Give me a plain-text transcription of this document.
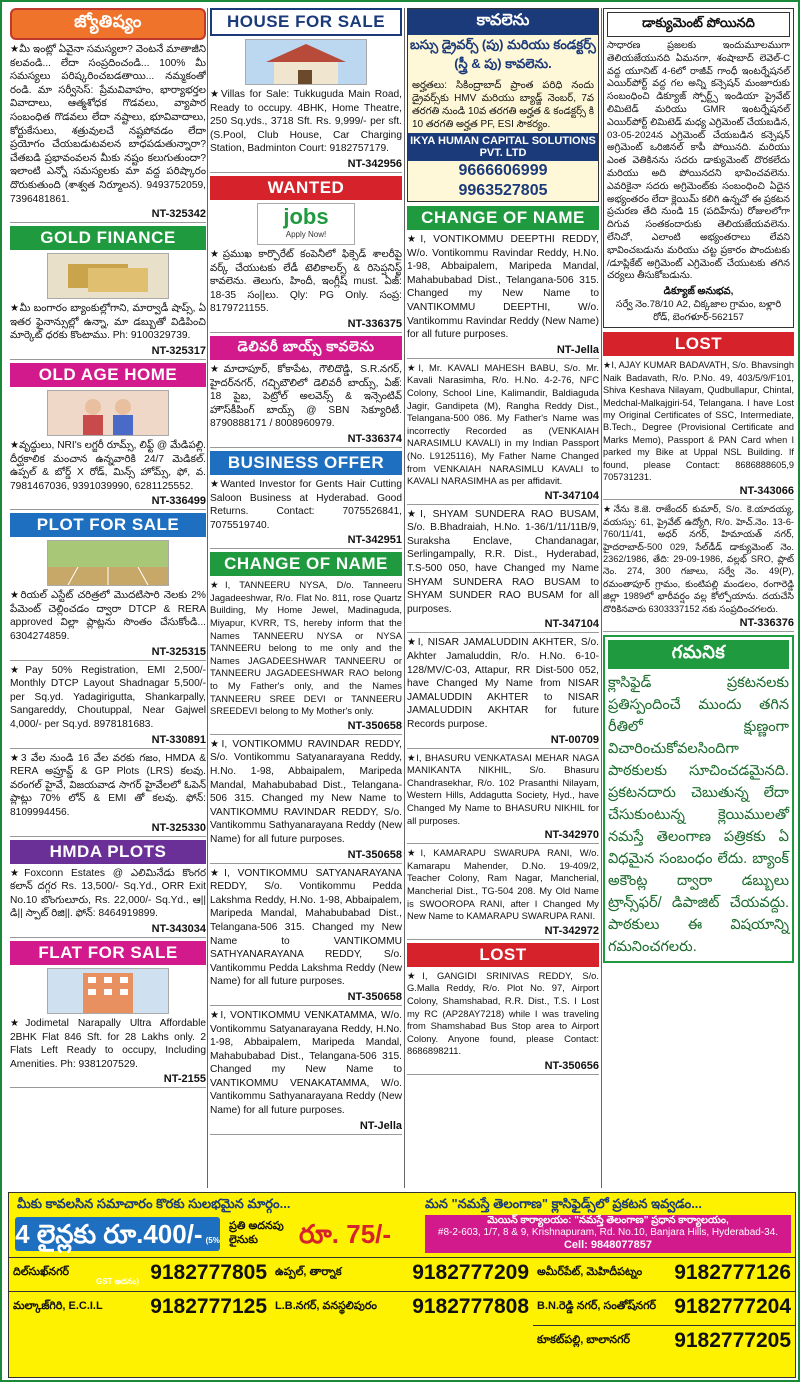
జ్యోతిష్యం
★మీ ఇంట్లో ఏవైనా సమస్యలా? వెంటనే మాతాజీని కలవండి... లేదా సంప్రదించండి... 100% మీ సమస్యలు పరిష్కరించబడతాయి... నమ్మకంతో రండి. మా సర్వీసెస్: ప్రేమవివాహం, భార్యాభర్తల వివాదాలు, ఆత్మశోధక గొడవలు, వ్యాపార సంబంధిత గొడవలు లేదా నష్టాలు, భూవివాదాలు, కోర్టుకేసులు, శత్రువులచే నష్టపోవడం లేదా ప్రయోగం చేయబడుటవలన బాధపడుతున్నారా? చేతబడి ప్రభావంవలన మీకు నష్టం కలుగుతుందా? ఇలాంటి ఎన్నో సమస్యలకు మా వద్ద పరిష్కారం దొరుకుతుంది (శాశ్వత నిర్మూలన). 9493752059, 7396481861.
NT-325342
GOLD FINANCE
★మీ బంగారం బ్యాంకుల్లోగాని, మార్వాడీ షాప్స్, ఏ ఇతర ఫైనాన్సుల్లో ఉన్నా, మా డబ్బుతో విడిపించి మార్కెట్ ధరకు కొంటాము. Ph: 9100329739.
NT-325317
OLD AGE HOME
★వృద్ధులు, NRI's లగ్జరీ రూమ్స్, లిఫ్ట్ @ మేడిపల్లి. దీర్ఘకాలిక మంచాన ఉన్నవారికి 24/7 మెడికల్. ఉప్పల్ & బోర్డ్ X రోడ్, మిన్స్ హోమ్స్, ఫో, వ. 7981467036, 9391039990, 6281125552.
NT-336499
PLOT FOR SALE
★రియల్ ఎస్టేట్ చరిత్రలో మొదటిసారి నెలకు 2% పేమెంట్ చెల్లించడం ద్వారా DTCP & RERA approved విల్లా ప్లాట్లను సొంతం చేసుకోండి... 6304274859.
NT-325315
★Pay 50% Registration, EMI 2,500/- Monthly DTCP Layout Shadnagar 5,500/- per Sq.yd. Yadagirigutta, Shankarpally, Sangareddy, Choutuppal, Near Gajwel 4,000/- per Sq.yd. 8978181683.
NT-330891
★3 వేల నుండి 16 వేల వరకు గజం, HMDA & RERA అప్రూవ్డ్ & GP Plots (LRS) కలవు. వరంగల్ హైవే, విజయవాడ సాగర్ హైవేలలో ఓపెన్ ప్లాట్లు 70% లోన్ & EMI తో కలవు. ఫోన్: 8109994456.
NT-325330
HMDA PLOTS
★Foxconn Estates @ ఎలిమినేడు కొంగర కలాన్ దగ్గర Rs. 13,500/- Sq.Yd., ORR Exit No.10 బొంగులూరు, Rs. 22,000/- Sq.Yd., ఆ||డి|| స్పాట్ రిజి||. ఫోన్: 8464919899.
NT-343034
FLAT FOR SALE
★Jodimetal Narapally Ultra Affordable 2BHK Flat 846 Sft. for 28 Lakhs only. 2 Flats Left Ready to occupy, Including Amenities. Ph: 9381207529.
NT-2155
HOUSE FOR SALE
★Villas for Sale: Tukkuguda Main Road, Ready to occupy. 4BHK, Home Theatre, 250 Sq.yds., 3718 Sft. Rs. 9,999/- per sft. (S.Pool, Club House, Car Charging Station, Badminton Court: 9182757179.
NT-342956
WANTED
jobs
Apply Now!
★ప్రముఖ కార్పొరేట్ కంపెనీలో ఫిక్సెడ్ శాలరీపై వర్క్ చేయుటకు లేడీ టెలికాలర్స్ & రిసెప్షనిస్ట్ కావలెను. తెలుగు, హిందీ, ఇంగ్లీష్ must. ఏజ్: 18-35 సం||లు. Qly: PG Only. సంప్ర: 8179721155.
NT-336375
డెలివరీ బాయ్స్ కావలెను
★మాదాపూర్, కోకాపేట, గౌలిదొడ్డి, S.R.నగర్, హైదర్‌నగర్, గచ్చిబౌలిలో డెలివరీ బాయ్స్, ఏజ్: 18 పైబ, పెట్రోల్ అలవెన్స్ & ఇన్సెంటివ్ హౌస్‌కీపింగ్ బాయ్స్ @ SBN సెక్యూరిటీ. 8790888171 / 8008960979.
NT-336374
BUSINESS OFFER
★Wanted Investor for Gents Hair Cutting Saloon Business at Hyderabad. Good Returns. Contact: 7075526841, 7075519740.
NT-342951
CHANGE OF NAME
★I, TANNEERU NYSA, D/o. Tanneeru Jagadeeshwar, R/o. Flat No. 811, rose Quartz Building, My Home Jewel, Madinaguda, Miyapur, KVRR, TS, hereby inform that the Names TANNEERU NYSA or NYSA TANNEERU belong to me only and the Names JAGADEESHWAR TANNEERU or TANNEERU JAGADEESHWAR RAO belong to My Father's only, and the Names TANNEERU SREE DEVI or TANNEERU SREEDEVI belong to My Mother's only.
NT-350658
★I, VONTIKOMMU RAVINDAR REDDY, S/o. Vontikommu Satyanarayana Reddy, H.No. 1-98, Abbaipalem, Maripeda Mandal, Mahabubabad Dist., Telangana-506 315. Changed my New Name to VANTIKOMMU RAVINDAR REDDY, S/o. Vantikommu Sathyanarayana Reddy (New Name) for all future purposes.
NT-350658
★I, VONTIKOMMU SATYANARAYANA REDDY, S/o. Vontikommu Pedda Lakshma Reddy, H.No. 1-98, Abbaipalem, Maripeda Mandal, Mahabubabad Dist., Telangana-506 315. Changed my New Name to VANTIKOMMU SATHYANARAYANA REDDY, S/o. Vantikommu Pedda Lakshma Reddy (New Name) for all future purposes.
NT-350658
★I, VONTIKOMMU VENKATAMMA, W/o. Vontikommu Satyanarayana Reddy, H.No. 1-98, Abbaipalem, Maripeda Mandal, Mahabubabad Dist., Telangana-506 315. Changed my New Name to VANTIKOMMU VENAKATAMMA, W/o. Vantikommu Sathyanarayana Reddy (New Name) for all future purposes.
NT-Jella
కావలెను
బస్సు డ్రైవర్స్ (పు) మరియు కండక్టర్స్ (స్త్రీ & పు) కావలెను.
అర్హతలు: సికింద్రాబాద్ ప్రాంత పరిధి నందు డ్రైవర్స్‌కు HMV మరియు బ్యాడ్జ్ నెంబర్, 7వ తరగతి నుండి 10వ తరగతి అర్హత & కండక్టర్స్ కి 10 తరగతి అర్హత PF, ESI సౌకర్యం.
IKYA HUMAN CAPITAL SOLUTIONS PVT. LTD
9666606999
9963527805
CHANGE OF NAME
★I, VONTIKOMMU DEEPTHI REDDY, W/o. Vontikommu Ravindar Reddy, H.No. 1-98, Abbaipalem, Maripeda Mandal, Mahabubabad Dist., Telangana-506 315. Changed my New Name to VANTIKOMMU DEEPTHI, W/o. Vantikommu Ravindar Reddy (New Name) for all future purposes.
NT-Jella
★I, Mr. KAVALI MAHESH BABU, S/o. Mr. Kavali Narasimha, R/o. H.No. 4-2-76, NFC Colony, School Line, Kalimandir, Baldiaguda Jagir, Gandipeta (M), Rangha Reddy Dist., Telangana-500 086. My Father's Name was incorrectly Recorded as (VENKAIAH NARASIMLU KAVALI) in my Indian Passport (No. L9125116), My Father Name Changed from VENKAIAH NARASIMLU KAVALI to KAVALI NARASIMHA as per affidavit.
NT-347104
★I, SHYAM SUNDERA RAO BUSAM, S/o. B.Bhadraiah, H.No. 1-36/1/11/11B/9, Suraksha Enclave, Chandanagar, Serlingampally, R.R. Dist., Hyderabad, T.S-500 050, have Changed my Name SHYAM SUNDERA RAO BUSAM to SHYAM SUNDER RAO BUSAM for all purposes.
NT-347104
★I, NISAR JAMALUDDIN AKHTER, S/o. Akhter Jamaluddin, R/o. H.No. 6-10-128/MV/C-03, Attapur, RR Dist-500 052, have Changed My Name from NISAR JAMALUDDIN AKHTER to NISAR JAMALUDDIN AKHTAR for future Records purpose.
NT-00709
★I, BHASURU VENKATASAI MEHAR NAGA MANIKANTA NIKHIL, S/o. Bhasuru Chandrasekhar, R/o. 102 Prasanthi Nilayam, Western Hills, Addagutta Society, Hyd., have Changed My Name to BHASURU NIKHIL for all purposes.
NT-342970
★I, KAMARAPU SWARUPA RANI, W/o. Kamarapu Mahender, D.No. 19-409/2, Teacher Colony, Ram Nagar, Mancherial, Mancherial Dist., TG-504 208. My Old Name is SWOOROPA RANI, after I Changed My New Name to KAMARAPU SWARUPA RANI.
NT-342972
LOST
★I, GANGIDI SRINIVAS REDDY, S/o. G.Malla Reddy, R/o. Plot No. 97, Airport Colony, Shamshabad, R.R. Dist., T.S. I Lost my RC (AP28AY7218) while I was traveling from Shamshabad Bus Stop area to Airport Colony. Anyone found, please Contact: 8686898211.
NT-350656
డాక్యుమెంట్ పోయినది
సాధారణ ప్రజలకు ఇందుమూలముగా తెలియజేయునది ఏమనగా, శంషాబాద్ లెవెల్-C వద్ద యూనిట్ 4-6లో రాజీవ్ గాంధీ ఇంటర్నేషనల్ ఎయిర్‌పోర్ట్ వద్ద గల అన్ని కన్సెషన్ మంజూరుకు సంబంధించి డిక్యూజ్ స్పోర్ట్స్ ఇండియా ప్రైవేట్ లిమిటెడ్ మరియు GMR ఇంటర్నేషనల్ ఎయిర్‌పోర్ట్ లిమిటెడ్ మధ్య ఎగ్రిమెంట్ చేయబడిన, 03-05-2024న ఎగ్రిమెంట్ చేయబడిన కన్సెషన్ అగ్రిమెంట్ ఒరిజినల్ కాపీ పోయినది. మరియు ఎంత వెతికినను సదరు డాక్యుమెంట్ దొరకలేదు మరియు అది పోయినదని భావించవలెను. ఎవరికైనా సదరు అగ్రిమెంట్‌కు సంబంధించి ఏదైన అభ్యంతరం లేదా క్లెయిమ్ కలిగి ఉన్నచో ఈ ప్రకటన ప్రచురణ తేది నుండి 15 (పదిహేను) రోజులలోగా దిగువ సంతకందారుకు తెలియజేయవలెను. లేనిచో, ఎలాంటి అభ్యంతరాలు లేవని భావించబడును మరియు చట్ట ప్రకారం పొందుటకు /డూప్లికేట్ అగ్రిమెంట్ ఎగ్రిమెంట్ చేయుటకు తగిన చర్యలు తీసుకోబడును.
డిక్యూజ్ అనుభవ,
సర్వే నెం.78/10 A2, చిక్కజాల గ్రామం, బళ్లారి రోడ్, బెంగళూర్-562157
LOST
★I, AJAY KUMAR BADAVATH, S/o. Bhavsingh Naik Badavath, R/o. P.No. 49, 403/5/9/F101, Shiva Keshava Nilayam, Qudbullapur, Chintal, Medchal-Malkajgiri-54, Telangana. I have Lost my Original Certificates of SSC, Intermediate, B.Tech., Degree (Provisional Certificate and Marks Memo), Passport & PAN Card when I parked my Bike at Uppal NSL Building. If found, please Contact: 8686888605,9 705731231.
NT-343066
★నేను కె.జె. రాజేందర్ కుమార్, S/o. కె.యాదయ్య, వయస్సు: 61, ప్రైవేట్ ఉద్యోగి, R/o. హెచ్.నెం. 13-6-760/11/41, అధర్ నగర్, హిమాయత్ నగర్, హైదరాబాద్-500 029, సేల్‌డీడ్ డాక్యుమెంట్ నెం. 2362/1986, తేది: 29-09-1986, వల్లభ్ SRO, ప్లాట్ నెం. 274, 300 గజాలు, సర్వే నెం. 49(P), రమంతాపూర్ గ్రామం, కుంటిపల్లి మండలం, రంగారెడ్డి జిల్లా 1989లో భారీవర్షం వల్ల కోల్పోయాను. దయచేసి దొరికినవారు 6303337152 నకు సంప్రదించగలరు.
NT-336376
గమనిక
క్లాసిఫైడ్ ప్రకటనలకు ప్రతిస్పందించే ముందు తగిన రీతిలో క్షుణ్ణంగా విచారించుకోవలసిందిగా పాఠకులకు సూచించడమైనది. ప్రకటనదారు చెబుతున్న లేదా చేసుకుంటున్న క్లెయిములతో నమస్తే తెలంగాణ పత్రికకు ఏ విధమైన సంబంధం లేదు. బ్యాంక్ అకౌంట్ల ద్వారా డబ్బులు ట్రాన్స్‌ఫర్/ డిపాజిట్ చేయవద్దు. పాఠకులు ఈ విషయాన్ని గమనించగలరు.
మీకు కావలసిన సమాచారం కొరకు సులభమైన మార్గం...	మన "నమస్తే తెలంగాణ" క్లాసిఫైడ్స్‌లో ప్రకటన ఇవ్వడం...
4 లైన్లకు రూ.400/- (5% GST అదనం)
ప్రతి అదనపు లైనుకు	రూ. 75/-	మెయిన్ కార్యాలయం: "నమస్తే తెలంగాణ" ప్రధాన కార్యాలయం,
#8-2-603, 1/7, 8 & 9, Krishnapuram, Rd. No.10, Banjara Hills, Hyderabad-34.
Cell: 9848077857
దిల్‌సుఖ్‌నగర్	9182777805 ఉప్పల్, తార్నాక	9182777209 అమీర్‌పేట్, మెహిదీపట్నం 9182777126
మల్కాజ్‌గిరి, E.C.I.L 9182777125 L.B.నగర్, వనస్థలిపురం 9182777808 B.N.రెడ్డి నగర్, సంతోష్‌నగర్ 9182777204
కూకట్‌పల్లి, బాలానగర్ 9182777205
